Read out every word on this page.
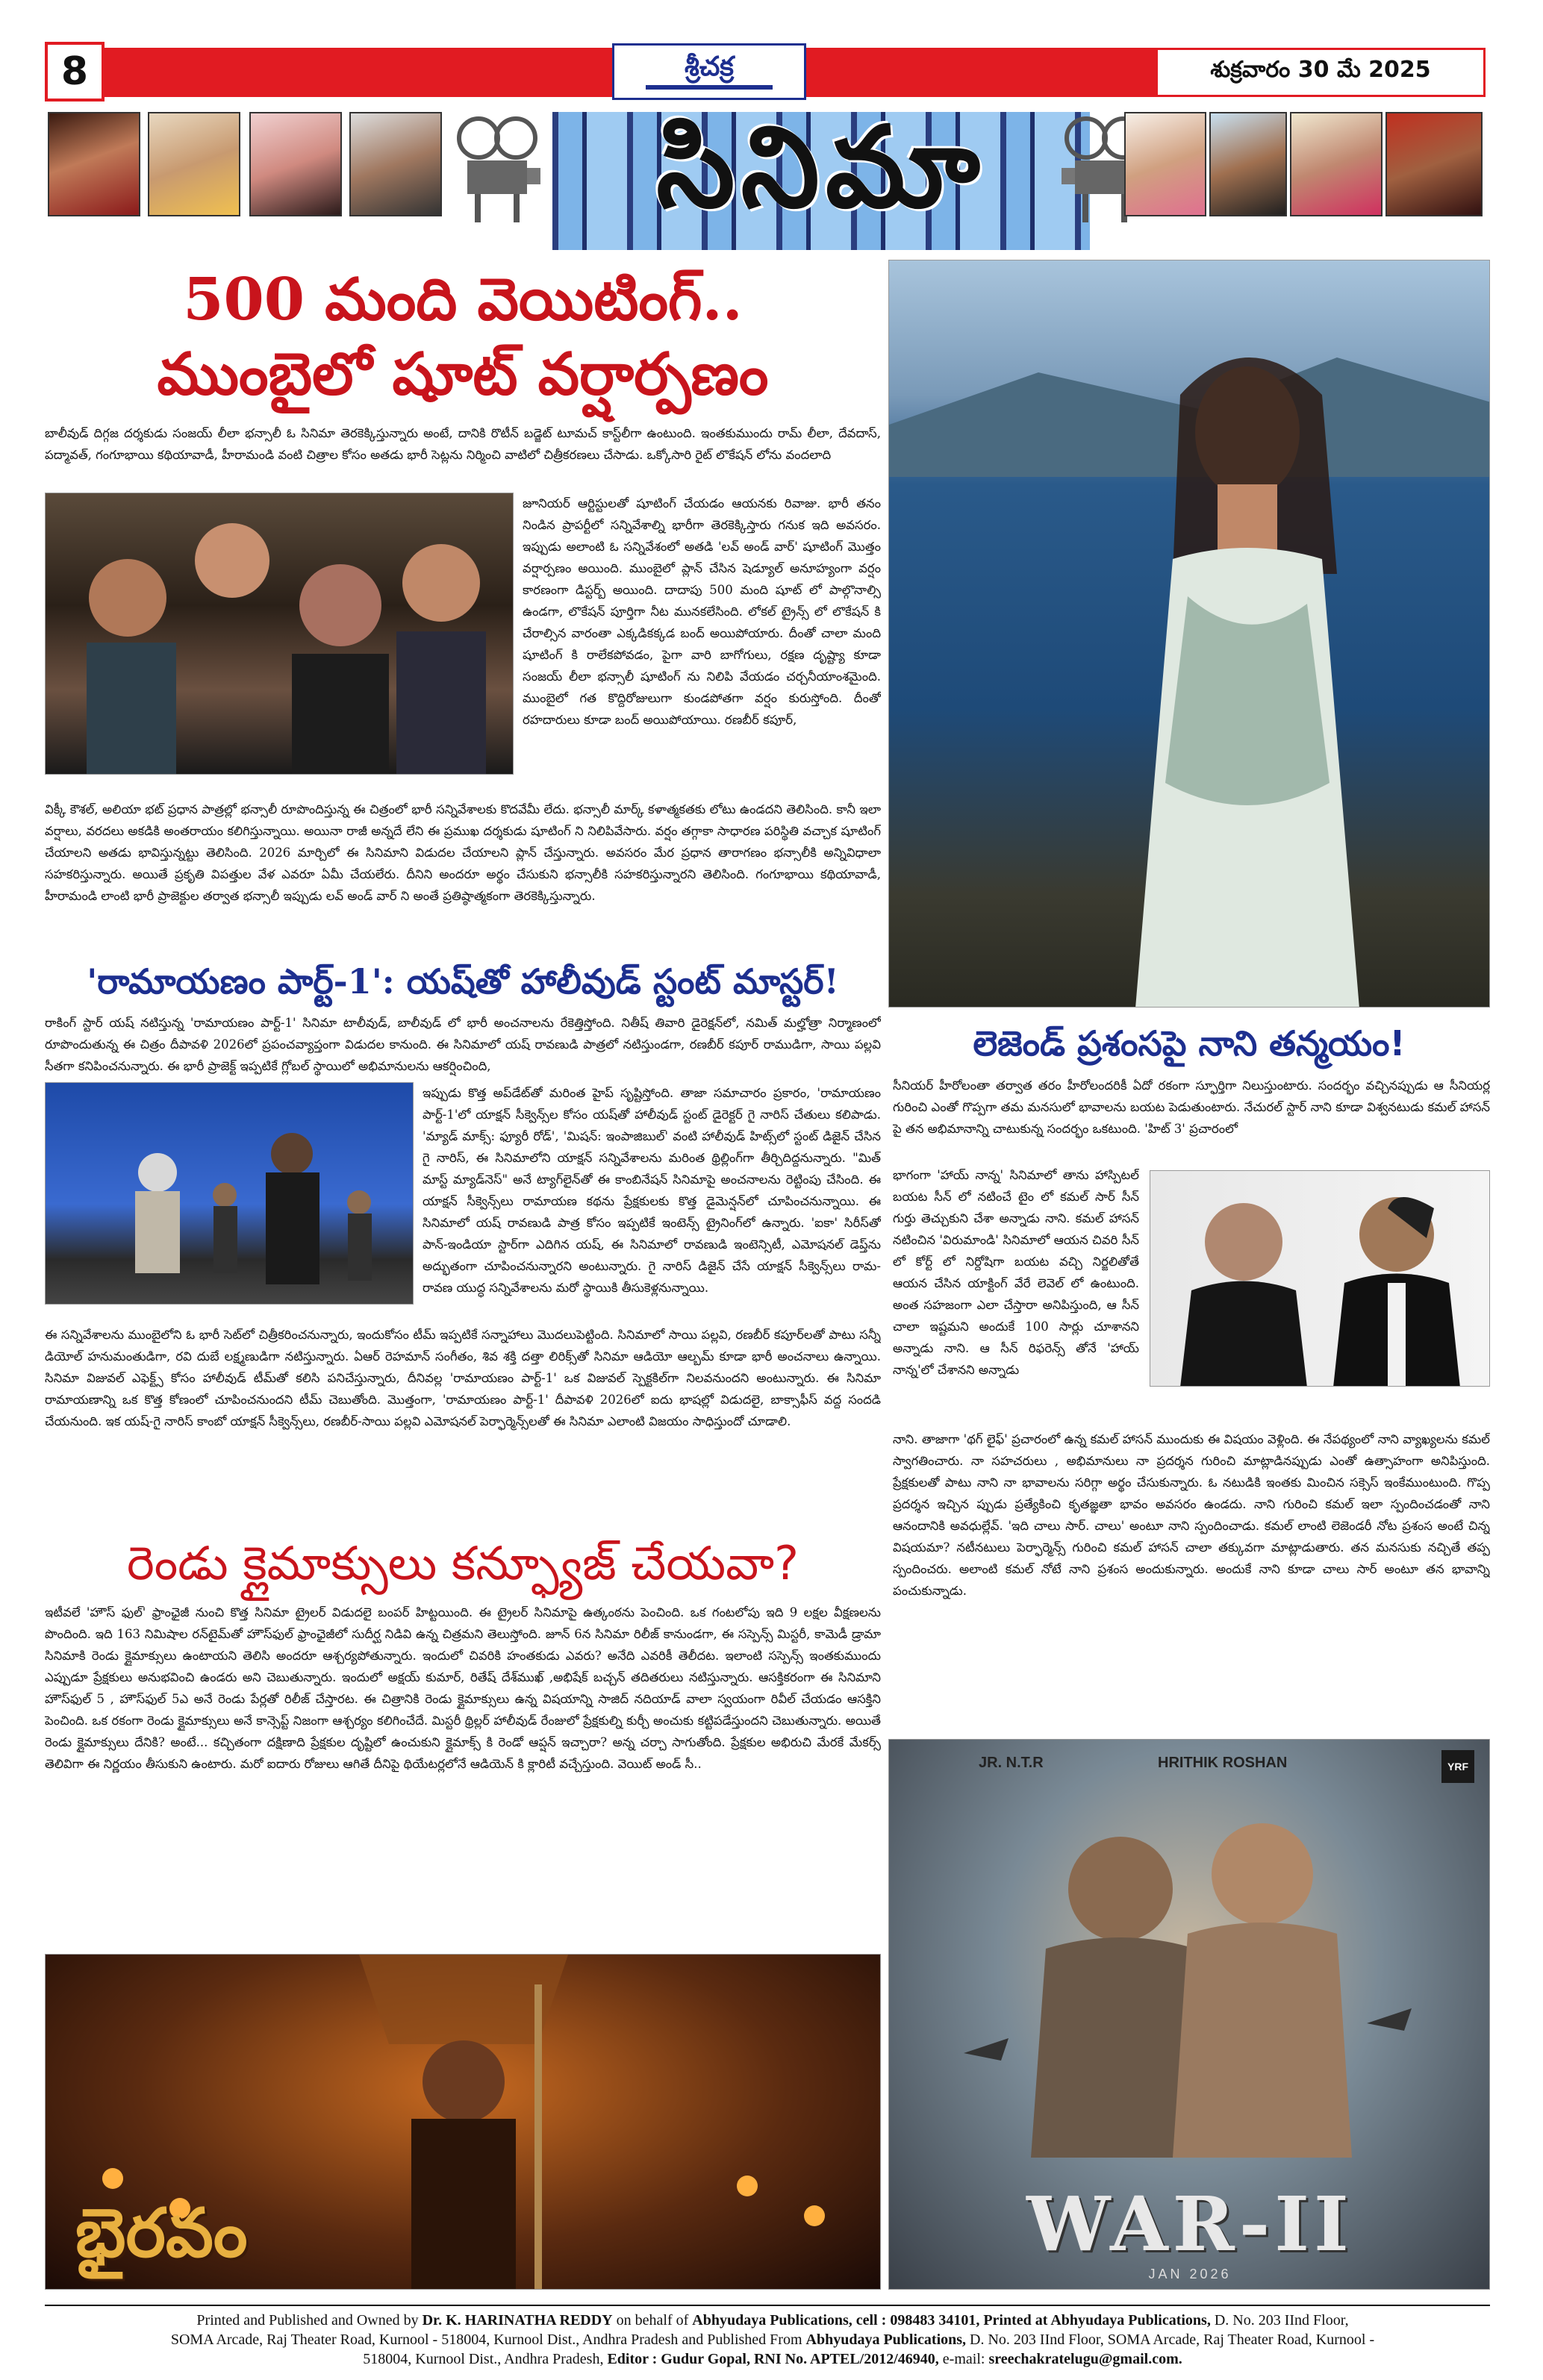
8	శ్రీచక్ర	శుక్రవారం 30 మే 2025
సినిమా
500 మంది వెయిటింగ్..
ముంబైలో షూట్ వర్షార్పణం
బాలీవుడ్ దిగ్గజ దర్శకుడు సంజయ్ లీలా భన్సాలీ ఓ సినిమా తెరకెక్కిస్తున్నారు అంటే, దానికి రొటీన్ బడ్జెట్ టూమచ్ కాస్ట్‌లీగా ఉంటుంది. ఇంతకుముందు రామ్ లీలా, దేవదాస్, పద్మావత్, గంగూభాయి కథియావాడీ, హీరామండి వంటి చిత్రాల కోసం అతడు భారీ సెట్లను నిర్మించి వాటిలో చిత్రీకరణలు చేసాడు. ఒక్కోసారి రైట్ లొకేషన్ లోను వందలాది
జూనియర్ ఆర్టిస్టులతో షూటింగ్ చేయడం ఆయనకు రివాజు. భారీ తనం నిండిన ప్రాపర్టీలో సన్నివేశాల్ని భారీగా తెరకెక్కిస్తారు గనుక ఇది అవసరం. ఇప్పుడు అలాంటి ఓ సన్నివేశంలో అతడి 'లవ్ అండ్ వార్' షూటింగ్ మొత్తం వర్షార్పణం అయింది. ముంబైలో ప్లాన్ చేసిన షెడ్యూల్ అనూహ్యంగా వర్షం కారణంగా డిస్టర్బ్ అయింది. దాదాపు 500 మంది షూట్ లో పాల్గొనాల్సి ఉండగా, లొకేషన్ పూర్తిగా నీట మునకలేసింది. లోకల్ ట్రైన్స్ లో లొకేషన్ కి చేరాల్సిన వారంతా ఎక్కడికక్కడ బంద్ అయిపోయారు. దీంతో చాలా మంది షూటింగ్ కి రాలేకపోవడం, పైగా వారి బాగోగులు, రక్షణ దృష్ట్యా కూడా సంజయ్ లీలా భన్సాలీ షూటింగ్ ను నిలిపి వేయడం చర్చనీయాంశమైంది. ముంబైలో గత కొద్దిరోజులుగా కుండపోతగా వర్షం కురుస్తోంది. దీంతో రహదారులు కూడా బంద్ అయిపోయాయి. రణబీర్ కపూర్,
విక్కీ కౌశల్, అలియా భట్ ప్రధాన పాత్రల్లో భన్సాలీ రూపొందిస్తున్న ఈ చిత్రంలో భారీ సన్నివేశాలకు కొదవేమీ లేదు. భన్సాలీ మార్క్ కళాత్మకతకు లోటు ఉండదని తెలిసింది. కానీ ఇలా వర్షాలు, వరదలు అకడికి అంతరాయం కలిగిస్తున్నాయి. అయినా రాజీ అన్నదే లేని ఈ ప్రముఖ దర్శకుడు షూటింగ్ ని నిలిపివేసారు. వర్షం తగ్గాకా సాధారణ పరిస్థితి వచ్చాక షూటింగ్ చేయాలని అతడు భావిస్తున్నట్టు తెలిసింది. 2026 మార్చిలో ఈ సినిమాని విడుదల చేయాలని ప్లాన్ చేస్తున్నారు. అవసరం మేర ప్రధాన తారాగణం భన్సాలీకి అన్నివిధాలా సహకరిస్తున్నారు. అయితే ప్రకృతి విపత్తుల వేళ ఎవరూ ఏమీ చేయలేరు. దీనిని అందరూ అర్థం చేసుకుని భన్సాలీకి సహకరిస్తున్నారని తెలిసింది. గంగూభాయి కథియావాడీ, హీరామండి లాంటి భారీ ప్రాజెక్టుల తర్వాత భన్సాలీ ఇప్పుడు లవ్ అండ్ వార్ ని అంతే ప్రతిష్ఠాత్మకంగా తెరకెక్కిస్తున్నారు.
'రామాయణం పార్ట్-1': యష్‌తో హాలీవుడ్ స్టంట్ మాస్టర్!
రాకింగ్ స్టార్ యష్ నటిస్తున్న 'రామాయణం పార్ట్-1' సినిమా టాలీవుడ్, బాలీవుడ్ లో భారీ అంచనాలను రేకెత్తిస్తోంది. నితీష్ తివారి డైరెక్షన్‌లో, నమిత్ మల్హోత్రా నిర్మాణంలో రూపొందుతున్న ఈ చిత్రం దీపావళి 2026లో ప్రపంచవ్యాప్తంగా విడుదల కానుంది. ఈ సినిమాలో యష్ రావణుడి పాత్రలో నటిస్తుండగా, రణబీర్ కపూర్ రాముడిగా, సాయి పల్లవి సీతగా కనిపించనున్నారు. ఈ భారీ ప్రాజెక్ట్ ఇప్పటికే గ్లోబల్ స్థాయిలో అభిమానులను ఆకర్షించింది,
ఇప్పుడు కొత్త అప్‌డేట్‌తో మరింత హైప్ సృష్టిస్తోంది. తాజా సమాచారం ప్రకారం, 'రామాయణం పార్ట్-1'లో యాక్షన్ సీక్వెన్స్‌ల కోసం యష్‌తో హాలీవుడ్ స్టంట్ డైరెక్టర్ గై నారిస్ చేతులు కలిపాడు. 'మ్యాడ్ మాక్స్: ఫ్యూరీ రోడ్', 'మిషన్: ఇంపాజిబుల్' వంటి హాలీవుడ్ హిట్స్‌లో స్టంట్ డిజైన్ చేసిన గై నారిస్, ఈ సినిమాలోని యాక్షన్ సన్నివేశాలను మరింత థ్రిల్లింగ్‌గా తీర్చిదిద్దనున్నారు. "మిత్ మాస్ట్ మ్యాడ్‌నెస్" అనే ట్యాగ్‌లైన్‌తో ఈ కాంబినేషన్ సినిమాపై అంచనాలను రెట్టింపు చేసింది. ఈ యాక్షన్ సీక్వెన్స్‌లు రామాయణ కథను ప్రేక్షకులకు కొత్త డైమెన్షన్‌లో చూపించనున్నాయి. ఈ సినిమాలో యష్ రావణుడి పాత్ర కోసం ఇప్పటికే ఇంటెన్స్ ట్రైనింగ్‌లో ఉన్నారు. 'ఐకా' సిరీస్‌తో పాన్-ఇండియా స్టార్‌గా ఎదిగిన యష్, ఈ సినిమాలో రావణుడి ఇంటెన్సిటీ, ఎమోషనల్ డెప్త్‌ను అద్భుతంగా చూపించనున్నారని అంటున్నారు. గై నారిస్ డిజైన్ చేసే యాక్షన్ సీక్వెన్స్‌లు రామ-రావణ యుద్ధ సన్నివేశాలను మరో స్థాయికి తీసుకెళ్లనున్నాయి.
ఈ సన్నివేశాలను ముంబైలోని ఓ భారీ సెట్‌లో చిత్రీకరించనున్నారు, ఇందుకోసం టీమ్ ఇప్పటికే సన్నాహాలు మొదలుపెట్టింది. సినిమాలో సాయి పల్లవి, రణబీర్ కపూర్‌లతో పాటు సన్నీ డియోల్ హనుమంతుడిగా, రవి దుబే లక్ష్మణుడిగా నటిస్తున్నారు. ఏఆర్ రెహమాన్ సంగీతం, శివ శక్తి దత్తా లిరిక్స్‌తో సినిమా ఆడియో ఆల్బమ్ కూడా భారీ అంచనాలు ఉన్నాయి. సినిమా విజువల్ ఎఫెక్ట్స్ కోసం హాలీవుడ్ టీమ్‌తో కలిసి పనిచేస్తున్నారు, దీనివల్ల 'రామాయణం పార్ట్-1' ఒక విజువల్ స్పెక్టకిల్‌గా నిలవనుందని అంటున్నారు. ఈ సినిమా రామాయణాన్ని ఒక కొత్త కోణంలో చూపించనుందని టీమ్ చెబుతోంది. మొత్తంగా, 'రామాయణం పార్ట్-1' దీపావళి 2026లో ఐదు భాషల్లో విడుదలై, బాక్సాఫీస్ వద్ద సందడి చేయనుంది. ఇక యష్-గై నారిస్ కాంబో యాక్షన్ సీక్వెన్స్‌లు, రణబీర్-సాయి పల్లవి ఎమోషనల్ పెర్ఫార్మెన్స్‌లతో ఈ సినిమా ఎలాంటి విజయం సాధిస్తుందో చూడాలి.
రెండు క్లైమాక్సులు కన్ఫ్యూజ్ చేయవా?
ఇటీవలే 'హౌస్ ఫుల్' ఫ్రాంఛైజీ నుంచి కొత్త సినిమా ట్రైలర్ విడుదలై బంపర్ హిట్టయింది. ఈ ట్రైలర్ సినిమాపై ఉత్కంఠను పెంచింది. ఒక గంటలోపు ఇది 9 లక్షల వీక్షణలను పొందింది. ఇది 163 నిమిషాల రన్‌టైమ్‌తో హౌస్‌ఫుల్ ఫ్రాంఛైజీలో సుదీర్ఘ నిడివి ఉన్న చిత్రమని తెలుస్తోంది. జూన్ 6న సినిమా రిలీజ్ కానుండగా, ఈ సస్పెన్స్ మిస్టరీ, కామెడీ డ్రామా సినిమాకి రెండు క్లైమాక్సులు ఉంటాయని తెలిసి అందరూ ఆశ్చర్యపోతున్నారు. ఇందులో చివరికి హంతకుడు ఎవరు? అనేది ఎవరికీ తెలీదట. ఇలాంటి సస్పెన్స్ ఇంతకుముందు ఎప్పుడూ ప్రేక్షకులు అనుభవించి ఉండరు అని చెబుతున్నారు. ఇందులో అక్షయ్ కుమార్, రితేష్ దేశ్‌ముఖ్ ,అభిషేక్ బచ్చన్ తదితరులు నటిస్తున్నారు. ఆసక్తికరంగా ఈ సినిమాని హౌస్‌ఫుల్ 5 , హౌస్‌ఫుల్ 5ఎ అనే రెండు పేర్లతో రిలీజ్ చేస్తారట. ఈ చిత్రానికి రెండు క్లైమాక్సులు ఉన్న విషయాన్ని సాజిద్ నదియాడ్ వాలా స్వయంగా రివీల్ చేయడం ఆసక్తిని పెంచింది. ఒక రకంగా రెండు క్లైమాక్సులు అనే కాన్సెప్ట్ నిజంగా ఆశ్చర్యం కలిగించేదే. మిస్టరీ థ్రిల్లర్ హాలీవుడ్ రేంజులో ప్రేక్షకుల్ని కుర్చీ అంచుకు కట్టిపడేస్తుందని చెబుతున్నారు. అయితే రెండు క్లైమాక్సులు దేనికి? అంటే... కచ్చితంగా దక్షిణాది ప్రేక్షకుల దృష్టిలో ఉంచుకుని క్లైమాక్స్ కి రెండో ఆప్షన్ ఇచ్చారా? అన్న చర్చా సాగుతోంది. ప్రేక్షకుల అభిరుచి మేరకే మేకర్స్ తెలివిగా ఈ నిర్ణయం తీసుకుని ఉంటారు. మరో ఐదారు రోజులు ఆగితే దీనిపై థియేటర్లలోనే ఆడియెన్ కి క్లారిటీ వచ్చేస్తుంది. వెయిట్ అండ్ సీ..
భైరవం
లెజెండ్ ప్రశంసపై నాని తన్మయం!
సీనియర్ హీరోలంతా తర్వాత తరం హీరోలందరికీ ఏదో రకంగా స్ఫూర్తిగా నిలుస్తుంటారు. సందర్భం వచ్చినప్పుడు ఆ సీనియర్ల గురించి ఎంతో గొప్పగా తమ మనసులో భావాలను బయట పెడుతుంటారు. నేచురల్ స్టార్ నాని కూడా విశ్వనటుడు కమల్ హాసన్ పై తన అభిమానాన్ని చాటుకున్న సందర్భం ఒకటుంది. 'హిట్ 3' ప్రచారంలో
భాగంగా 'హాయ్ నాన్న' సినిమాలో తాను హాస్పిటల్ బయట సీన్ లో నటించే టైం లో కమల్ సార్ సీన్ గుర్తు తెచ్చుకుని చేశా అన్నాడు నాని. కమల్ హాసన్ నటించిన 'విరుమాండి' సినిమాలో ఆయన చివరి సీన్ లో కోర్ట్ లో నిర్దోషిగా బయట వచ్చి నిర్జలితోతే ఆయన చేసిన యాక్టింగ్ వేరే లెవెల్ లో ఉంటుంది. అంత సహజంగా ఎలా చేస్తారా అనిపిస్తుంది, ఆ సీన్ చాలా ఇష్టమని అందుకే 100 సార్లు చూశానని అన్నాడు నాని. ఆ సీన్ రిఫరెన్స్ తోనే 'హాయ్ నాన్న'లో చేశానని అన్నాడు
నాని. తాజాగా 'థగ్ లైఫ్' ప్రచారంలో ఉన్న కమల్ హాసన్ ముందుకు ఈ విషయం వెళ్లింది. ఈ నేపథ్యంలో నాని వ్యాఖ్యలను కమల్ స్వాగతించారు. నా సహచరులు , అభిమానులు నా ప్రదర్శన గురించి మాట్లాడినప్పుడు ఎంతో ఉత్సాహంగా అనిపిస్తుంది. ప్రేక్షకులతో పాటు నాని నా భావాలను సరిగ్గా అర్థం చేసుకున్నారు. ఓ నటుడికి ఇంతకు మించిన సక్సెస్ ఇంకేముంటుంది. గొప్ప ప్రదర్శన ఇచ్చిన ప్పుడు ప్రత్యేకించి కృతజ్ఞతా భావం అవసరం ఉండదు. నాని గురించి కమల్ ఇలా స్పందించడంతో నాని ఆనందానికి అవధుల్లేవ్. 'ఇది చాలు సార్. చాలు' అంటూ నాని స్పందించాడు. కమల్ లాంటి లెజెండరీ నోట ప్రశంస అంటే చిన్న విషయమా? నటీనటులు పెర్ఫార్మెన్స్ గురించి కమల్ హాసన్ చాలా తక్కువగా మాట్లాడుతారు. తన మనసుకు నచ్చితే తప్ప స్పందించరు. అలాంటి కమల్ నోటే నాని ప్రశంస అందుకున్నారు. అందుకే నాని కూడా చాలు సార్ అంటూ తన భావాన్ని పంచుకున్నాడు.
JR. N.T.R	HRITHIK ROSHAN	YRF
WAR-II
JAN 2026
Printed and Published and Owned by Dr. K. HARINATHA REDDY on behalf of Abhyudaya Publications, cell : 098483 34101, Printed at Abhyudaya Publications, D. No. 203 IInd Floor,
SOMA Arcade, Raj Theater Road, Kurnool - 518004, Kurnool Dist., Andhra Pradesh and Published From Abhyudaya Publications, D. No. 203 IInd Floor, SOMA Arcade, Raj Theater Road, Kurnool -
518004, Kurnool Dist., Andhra Pradesh, Editor : Gudur Gopal, RNI No. APTEL/2012/46940, e-mail: sreechakratelugu@gmail.com.
